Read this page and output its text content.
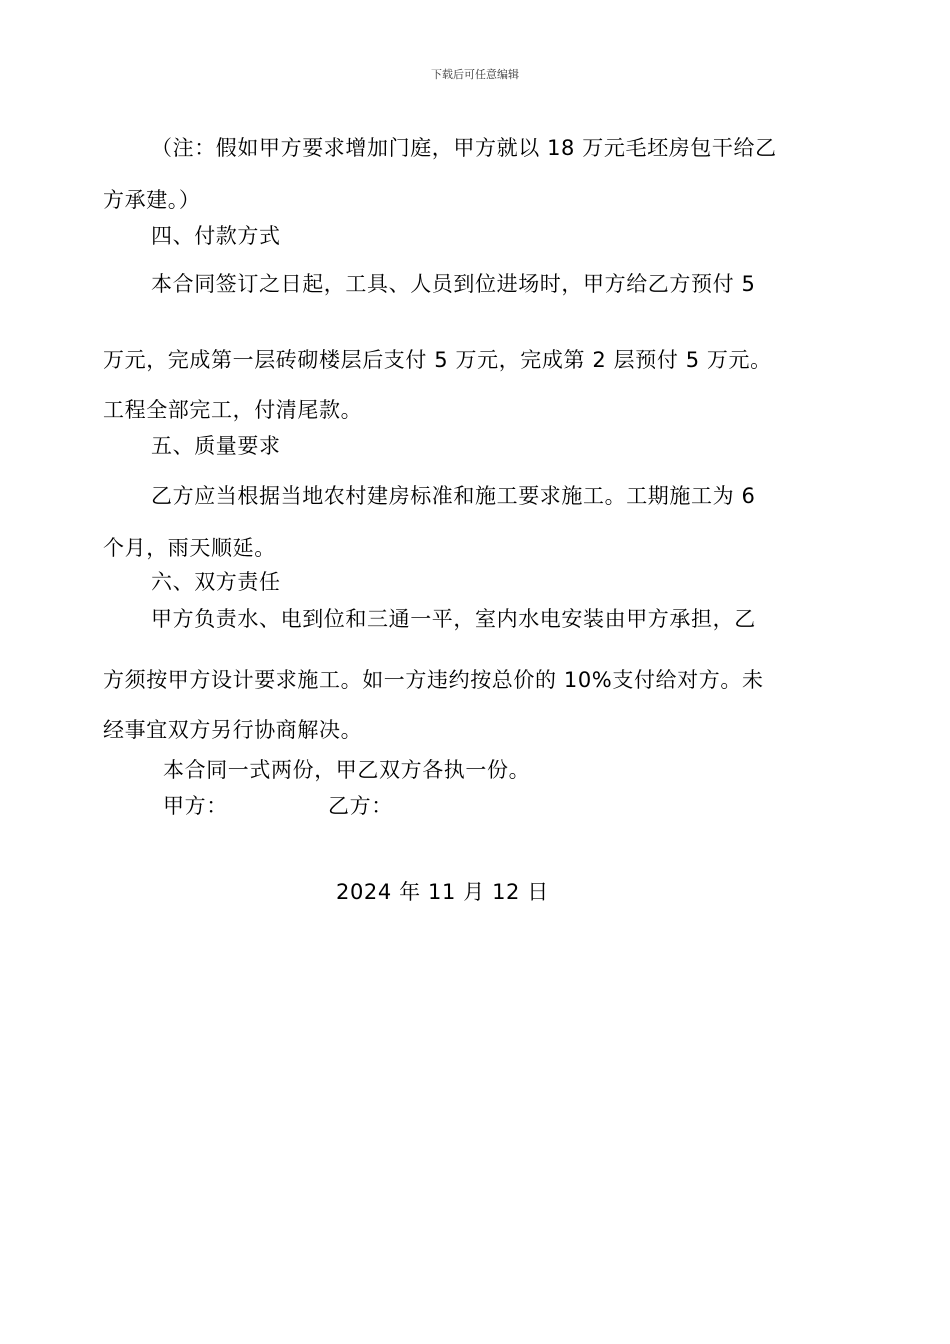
下载后可任意编辑
（注：假如甲方要求增加门庭，甲方就以 18 万元毛坯房包干给乙
方承建。）
四、付款方式
本合同签订之日起，工具、人员到位进场时，甲方给乙方预付 5
万元，完成第一层砖砌楼层后支付 5 万元，完成第 2 层预付 5 万元。
工程全部完工，付清尾款。
五、质量要求
乙方应当根据当地农村建房标准和施工要求施工。工期施工为 6
个月，雨天顺延。
六、双方责任
甲方负责水、电到位和三通一平，室内水电安装由甲方承担，乙
方须按甲方设计要求施工。如一方违约按总价的 10%支付给对方。未
经事宜双方另行协商解决。
本合同一式两份，甲乙双方各执一份。
甲方：	乙方：
2024 年 11 月 12 日
